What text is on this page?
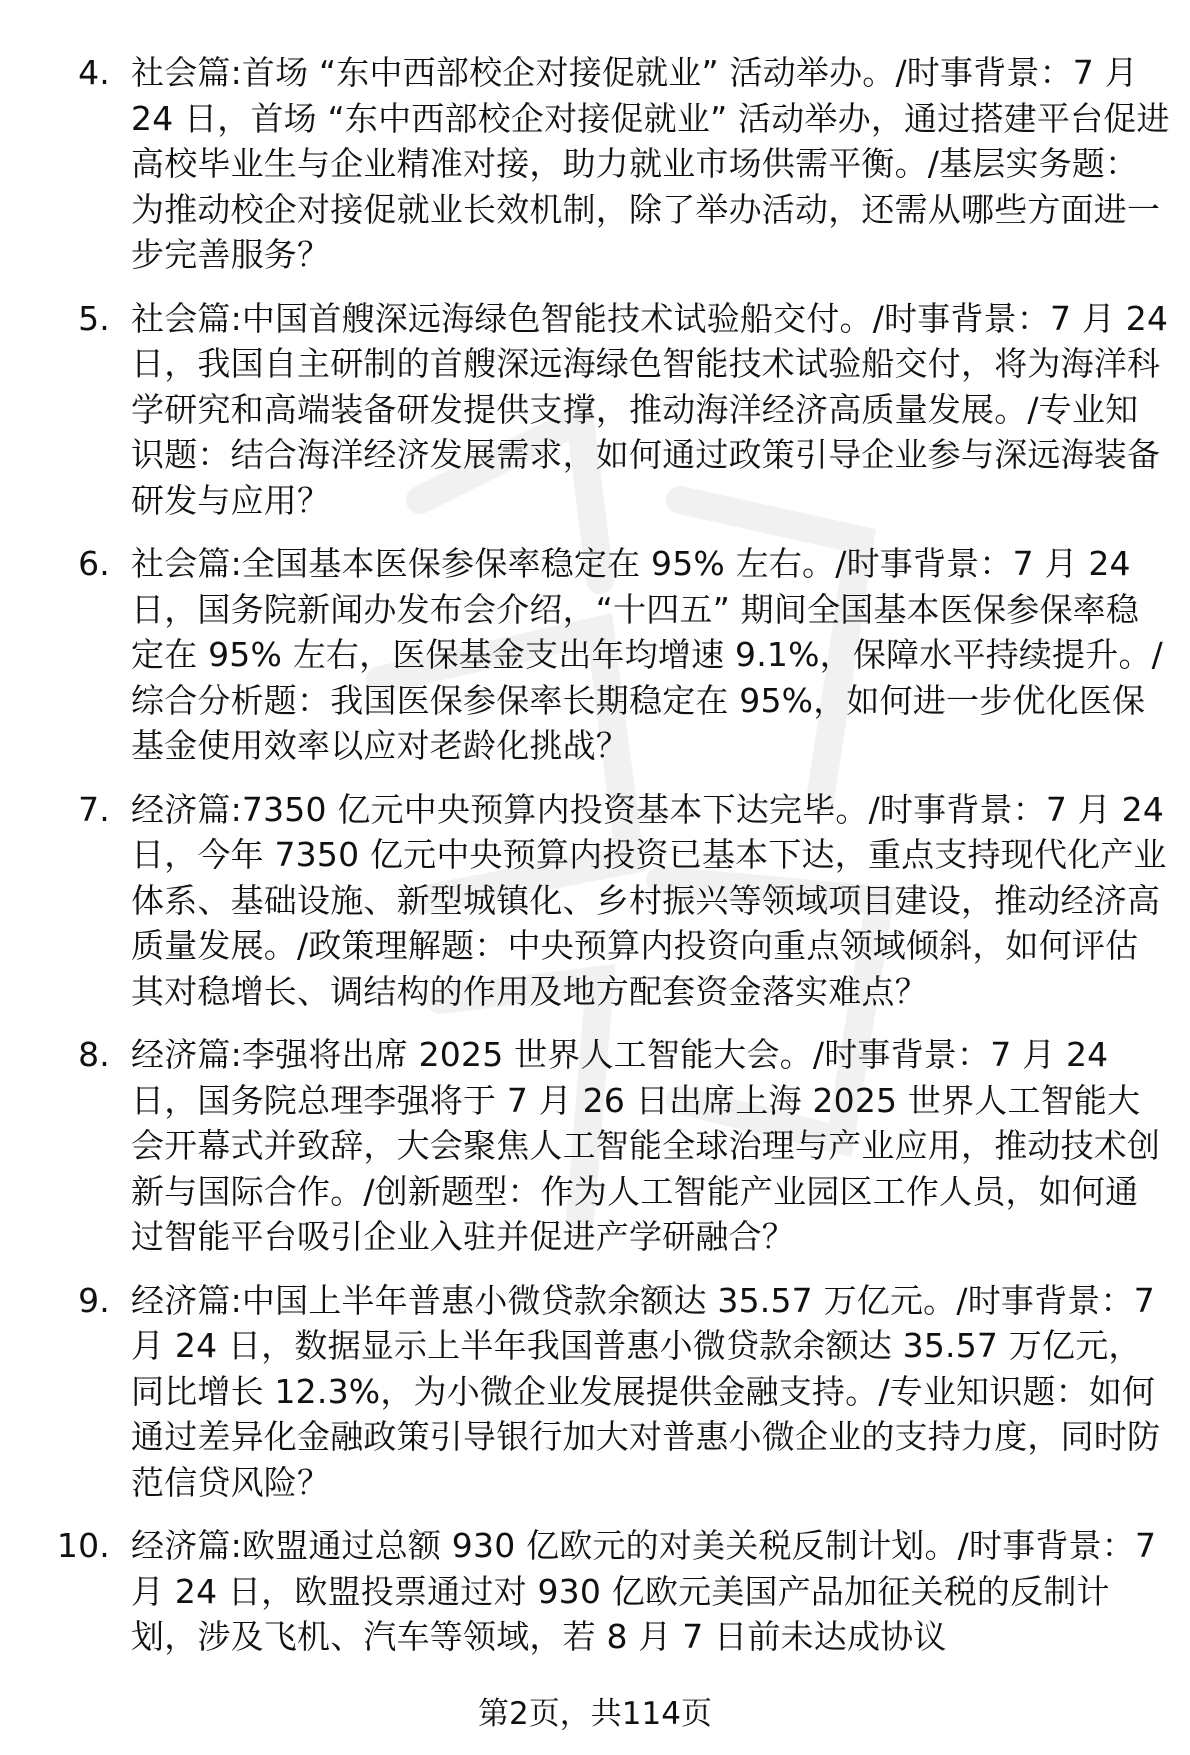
4. 社会篇:首场 “东中西部校企对接促就业” 活动举办。/时事背景：7 月 24 日，首场 “东中西部校企对接促就业” 活动举办，通过搭建平台促进高校毕业生与企业精准对接，助力就业市场供需平衡。/基层实务题：为推动校企对接促就业长效机制，除了举办活动，还需从哪些方面进一步完善服务？
5. 社会篇:中国首艘深远海绿色智能技术试验船交付。/时事背景：7 月 24 日，我国自主研制的首艘深远海绿色智能技术试验船交付，将为海洋科学研究和高端装备研发提供支撑，推动海洋经济高质量发展。/专业知识题：结合海洋经济发展需求，如何通过政策引导企业参与深远海装备研发与应用？
6. 社会篇:全国基本医保参保率稳定在 95% 左右。/时事背景：7 月 24 日，国务院新闻办发布会介绍，“十四五” 期间全国基本医保参保率稳定在 95% 左右，医保基金支出年均增速 9.1%，保障水平持续提升。/综合分析题：我国医保参保率长期稳定在 95%，如何进一步优化医保基金使用效率以应对老龄化挑战？
7. 经济篇:7350 亿元中央预算内投资基本下达完毕。/时事背景：7 月 24 日，今年 7350 亿元中央预算内投资已基本下达，重点支持现代化产业体系、基础设施、新型城镇化、乡村振兴等领域项目建设，推动经济高质量发展。/政策理解题：中央预算内投资向重点领域倾斜，如何评估其对稳增长、调结构的作用及地方配套资金落实难点？
8. 经济篇:李强将出席 2025 世界人工智能大会。/时事背景：7 月 24 日，国务院总理李强将于 7 月 26 日出席上海 2025 世界人工智能大会开幕式并致辞，大会聚焦人工智能全球治理与产业应用，推动技术创新与国际合作。/创新题型：作为人工智能产业园区工作人员，如何通过智能平台吸引企业入驻并促进产学研融合？
9. 经济篇:中国上半年普惠小微贷款余额达 35.57 万亿元。/时事背景：7 月 24 日，数据显示上半年我国普惠小微贷款余额达 35.57 万亿元，同比增长 12.3%，为小微企业发展提供金融支持。/专业知识题：如何通过差异化金融政策引导银行加大对普惠小微企业的支持力度，同时防范信贷风险？
10. 经济篇:欧盟通过总额 930 亿欧元的对美关税反制计划。/时事背景：7 月 24 日，欧盟投票通过对 930 亿欧元美国产品加征关税的反制计划，涉及飞机、汽车等领域，若 8 月 7 日前未达成协议
第2页，共114页
